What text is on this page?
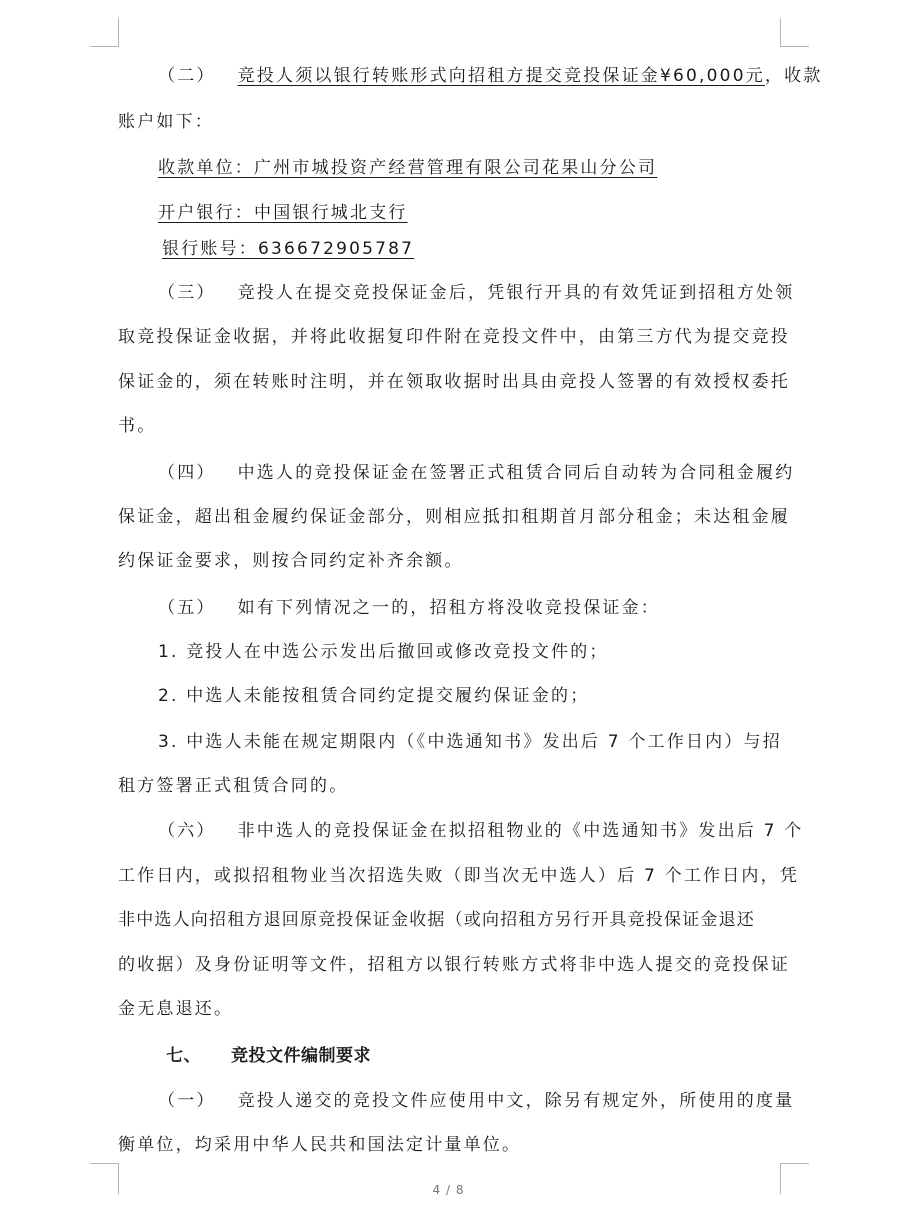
（二） 竞投人须以银行转账形式向招租方提交竞投保证金¥60,000元，收款
账户如下：
收款单位：广州市城投资产经营管理有限公司花果山分公司
开户银行：中国银行城北支行
银行账号：636672905787
（三） 竞投人在提交竞投保证金后，凭银行开具的有效凭证到招租方处领
取竞投保证金收据，并将此收据复印件附在竞投文件中，由第三方代为提交竞投
保证金的，须在转账时注明，并在领取收据时出具由竞投人签署的有效授权委托
书。
（四） 中选人的竞投保证金在签署正式租赁合同后自动转为合同租金履约
保证金，超出租金履约保证金部分，则相应抵扣租期首月部分租金；未达租金履
约保证金要求，则按合同约定补齐余额。
（五） 如有下列情况之一的，招租方将没收竞投保证金：
1. 竞投人在中选公示发出后撤回或修改竞投文件的；
2. 中选人未能按租赁合同约定提交履约保证金的；
3. 中选人未能在规定期限内（《中选通知书》发出后 7 个工作日内）与招
租方签署正式租赁合同的。
（六） 非中选人的竞投保证金在拟招租物业的《中选通知书》发出后 7 个
工作日内，或拟招租物业当次招选失败（即当次无中选人）后 7 个工作日内，凭
非中选人向招租方退回原竞投保证金收据（或向招租方另行开具竞投保证金退还
的收据）及身份证明等文件，招租方以银行转账方式将非中选人提交的竞投保证
金无息退还。
七、 竞投文件编制要求
（一） 竞投人递交的竞投文件应使用中文，除另有规定外，所使用的度量
衡单位，均采用中华人民共和国法定计量单位。
4 / 8
